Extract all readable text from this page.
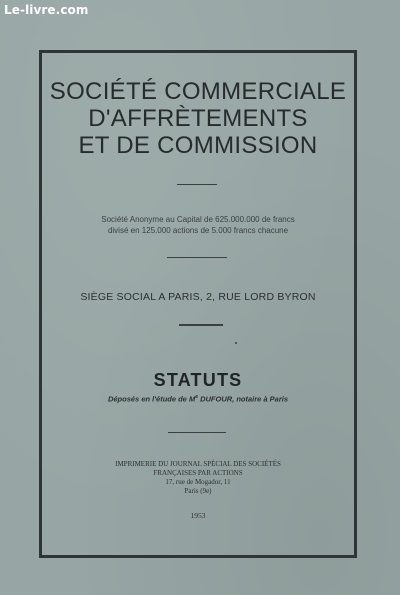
Le-livre.com
SOCIÉTÉ COMMERCIALE
D'AFFRÈTEMENTS
ET DE COMMISSION
Société Anonyme au Capital de 625.000.000 de francs
divisé en 125.000 actions de 5.000 francs chacune
SIÈGE SOCIAL A PARIS, 2, RUE LORD BYRON
STATUTS
Déposés en l'étude de Me DUFOUR, notaire à Paris
IMPRIMERIE DU JOURNAL SPÉCIAL DES SOCIÉTÉS
FRANÇAISES PAR ACTIONS
17, rue de Mogador, 11
Paris (9e)
1953
